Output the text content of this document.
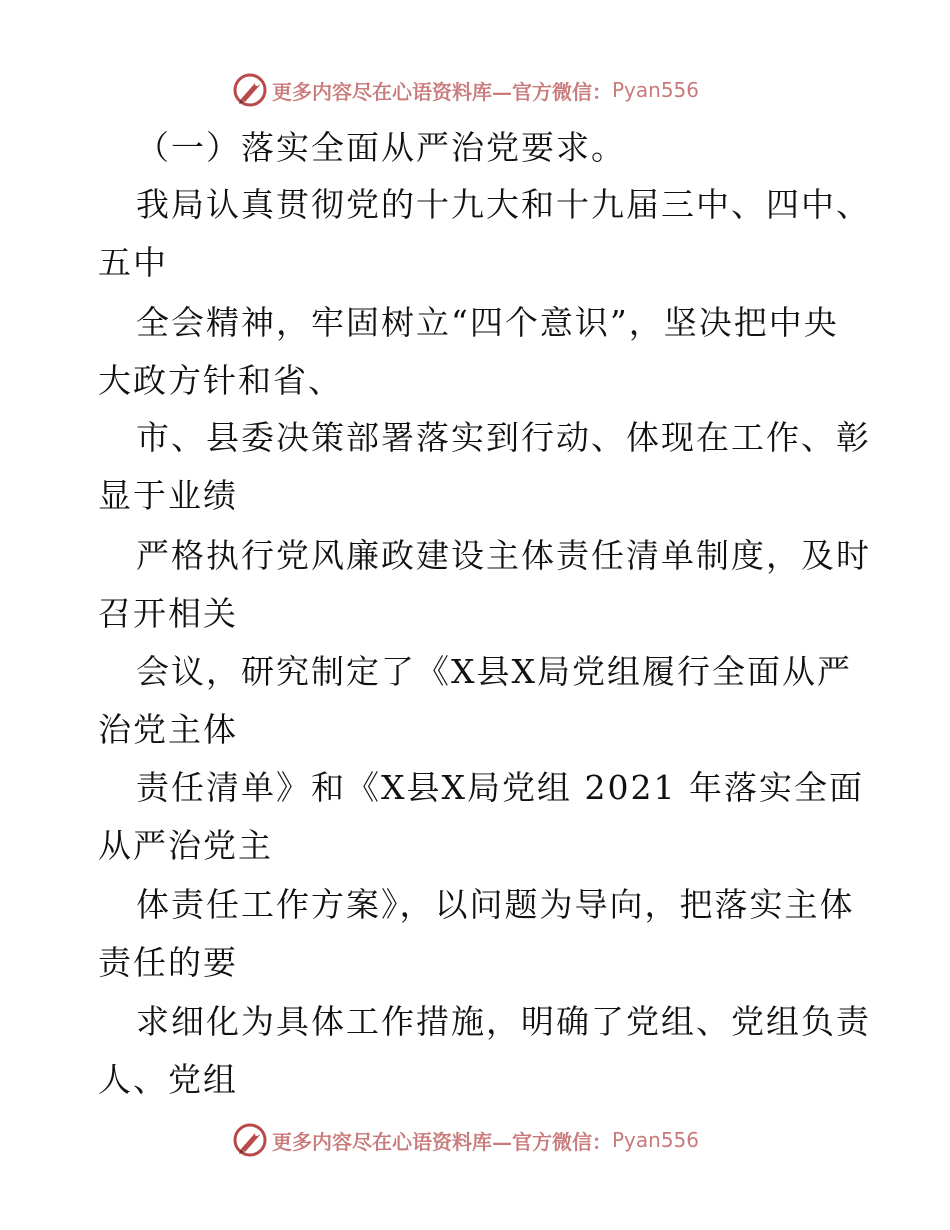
更多内容尽在心语资料库—官方微信： Pyan556
（一）落实全面从严治党要求。
我局认真贯彻党的十九大和十九届三中、四中、
五中
全会精神，牢固树立“四个意识”，坚决把中央
大政方针和省、
市、县委决策部署落实到行动、体现在工作、彰
显于业绩
严格执行党风廉政建设主体责任清单制度，及时
召开相关
会议，研究制定了《X县X局党组履行全面从严
治党主体
责任清单》和《X县X局党组 2021 年落实全面
从严治党主
体责任工作方案》，以问题为导向，把落实主体
责任的要
求细化为具体工作措施，明确了党组、党组负责
人、党组
更多内容尽在心语资料库—官方微信： Pyan556
